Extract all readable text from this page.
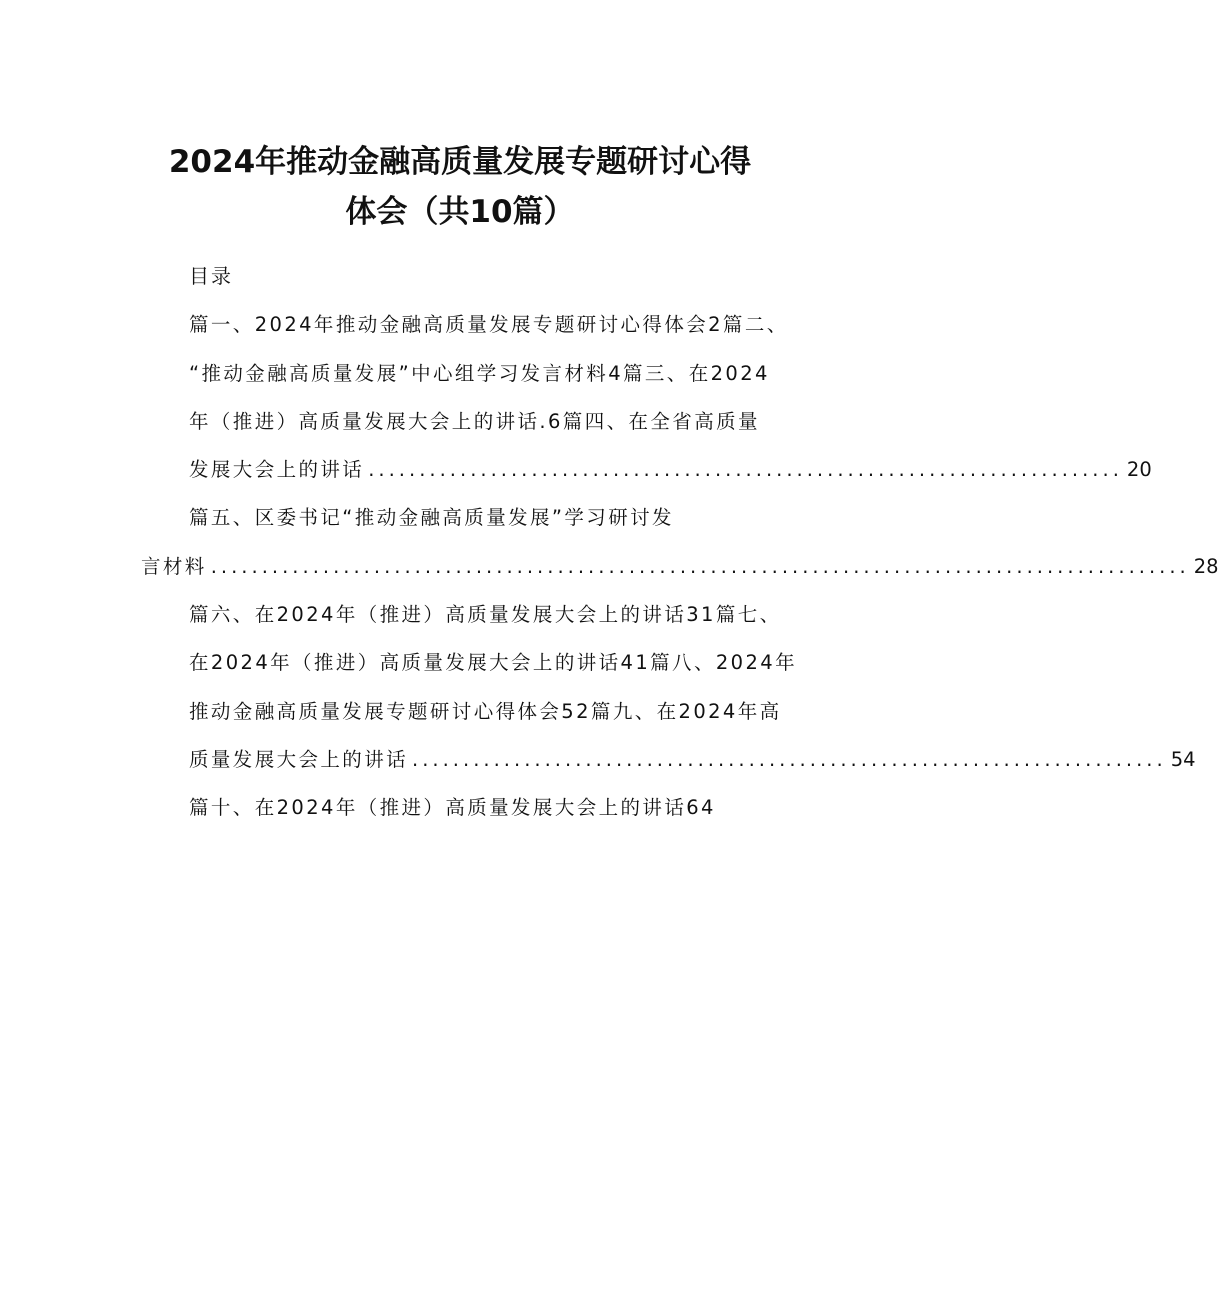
2024年推动金融高质量发展专题研讨心得
体会（共10篇）
目录
篇一、2024年推动金融高质量发展专题研讨心得体会2篇二、
“推动金融高质量发展”中心组学习发言材料4篇三、在2024
年（推进）高质量发展大会上的讲话.6篇四、在全省高质量
发展大会上的讲话 .......................................................................... 20
篇五、区委书记“推动金融高质量发展”学习研讨发
言材料 ................................................................................................ 28
篇六、在2024年（推进）高质量发展大会上的讲话31篇七、
在2024年（推进）高质量发展大会上的讲话41篇八、2024年
推动金融高质量发展专题研讨心得体会52篇九、在2024年高
质量发展大会上的讲话 .......................................................................... 54
篇十、在2024年（推进）高质量发展大会上的讲话64
